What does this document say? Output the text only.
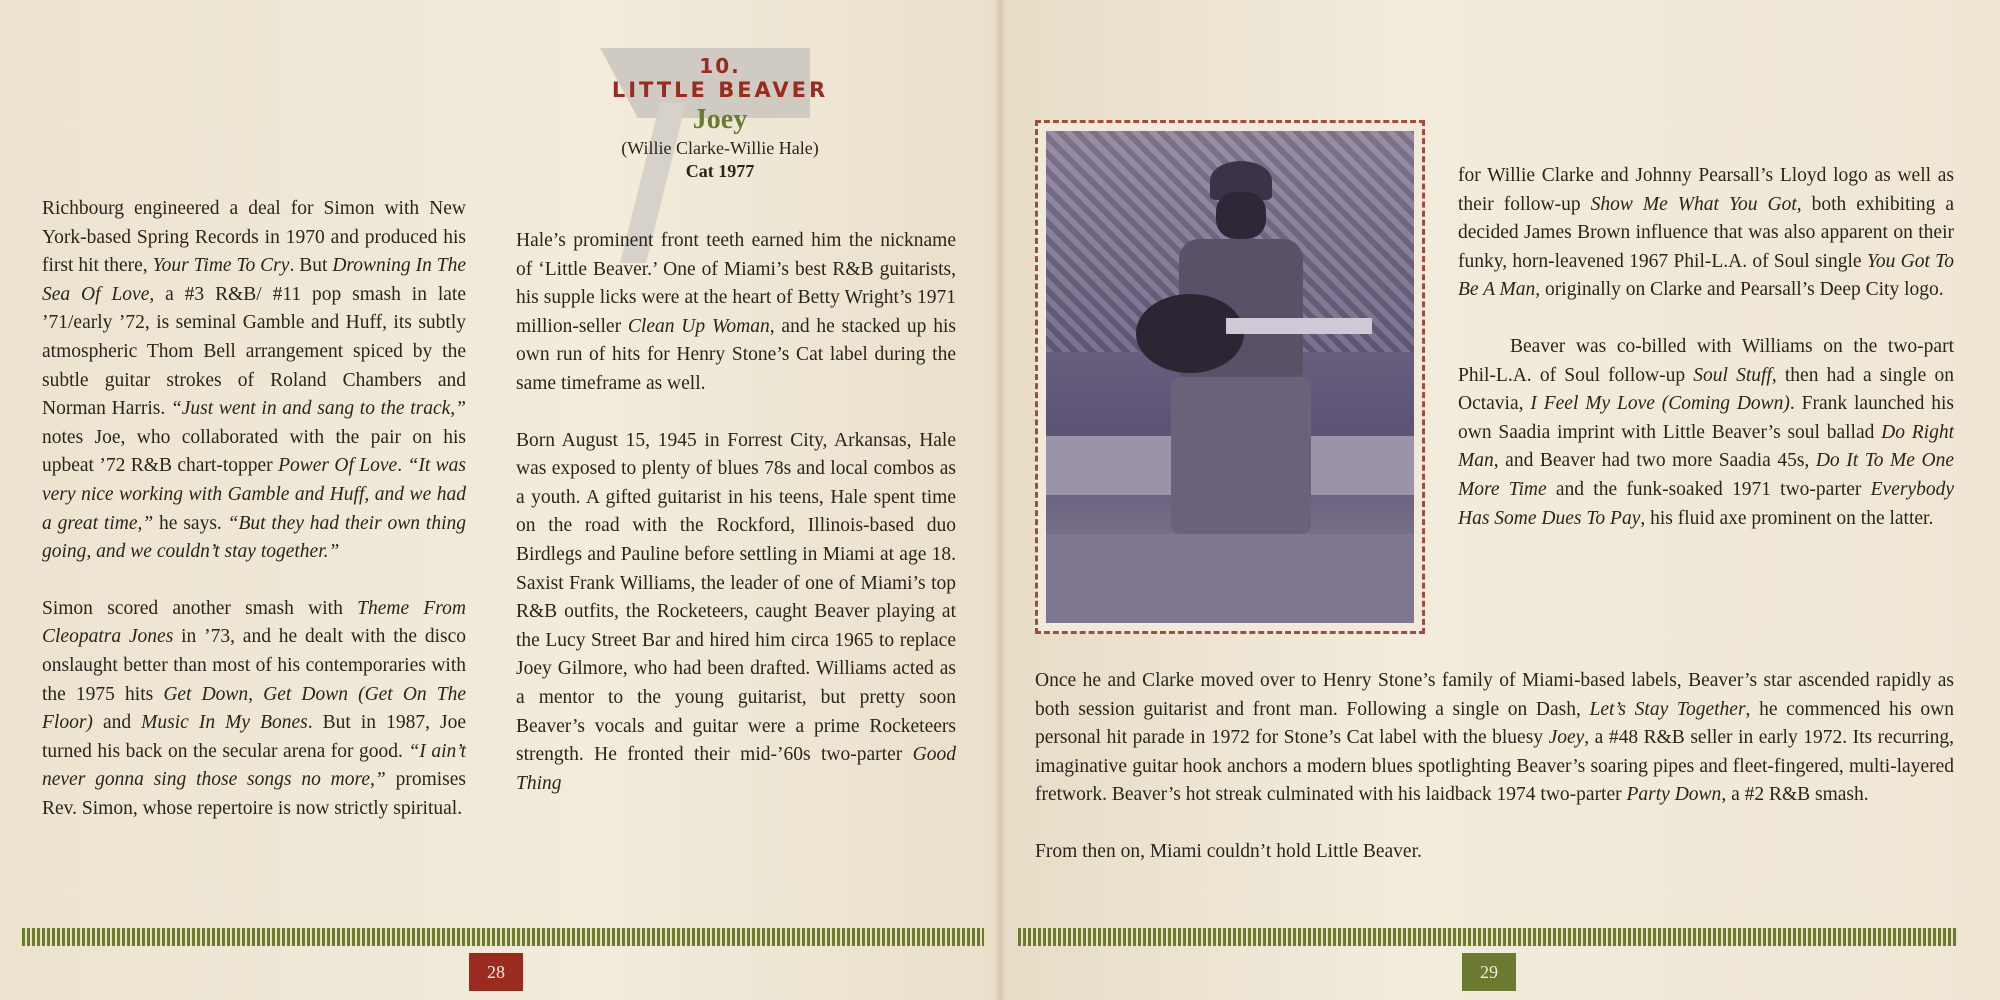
Richbourg engineered a deal for Simon with New York-based Spring Records in 1970 and produced his first hit there, Your Time To Cry. But Drowning In The Sea Of Love, a #3 R&B/ #11 pop smash in late ’71/early ’72, is seminal Gamble and Huff, its subtly atmospheric Thom Bell arrangement spiced by the subtle guitar strokes of Roland Chambers and Norman Harris. “Just went in and sang to the track,” notes Joe, who collaborated with the pair on his upbeat ’72 R&B chart-topper Power Of Love. “It was very nice working with Gamble and Huff, and we had a great time,” he says. “But they had their own thing going, and we couldn’t stay together.”

Simon scored another smash with Theme From Cleopatra Jones in ’73, and he dealt with the disco onslaught better than most of his contemporaries with the 1975 hits Get Down, Get Down (Get On The Floor) and Music In My Bones. But in 1987, Joe turned his back on the secular arena for good. “I ain’t never gonna sing those songs no more,” promises Rev. Simon, whose repertoire is now strictly spiritual.

10.
LITTLE BEAVER
Joey
(Willie Clarke-Willie Hale)
Cat 1977

Hale’s prominent front teeth earned him the nickname of ‘Little Beaver.’ One of Miami’s best R&B guitarists, his supple licks were at the heart of Betty Wright’s 1971 million-seller Clean Up Woman, and he stacked up his own run of hits for Henry Stone’s Cat label during the same timeframe as well.

Born August 15, 1945 in Forrest City, Arkansas, Hale was exposed to plenty of blues 78s and local combos as a youth. A gifted guitarist in his teens, Hale spent time on the road with the Rockford, Illinois-based duo Birdlegs and Pauline before settling in Miami at age 18. Saxist Frank Williams, the leader of one of Miami’s top R&B outfits, the Rocketeers, caught Beaver playing at the Lucy Street Bar and hired him circa 1965 to replace Joey Gilmore, who had been drafted. Williams acted as a mentor to the young guitarist, but pretty soon Beaver’s vocals and guitar were a prime Rocketeers strength. He fronted their mid-’60s two-parter Good Thing

for Willie Clarke and Johnny Pearsall’s Lloyd logo as well as their follow-up Show Me What You Got, both exhibiting a decided James Brown influence that was also apparent on their funky, horn-leavened 1967 Phil-L.A. of Soul single You Got To Be A Man, originally on Clarke and Pearsall’s Deep City logo.

Beaver was co-billed with Williams on the two-part Phil-L.A. of Soul follow-up Soul Stuff, then had a single on Octavia, I Feel My Love (Coming Down). Frank launched his own Saadia imprint with Little Beaver’s soul ballad Do Right Man, and Beaver had two more Saadia 45s, Do It To Me One More Time and the funk-soaked 1971 two-parter Everybody Has Some Dues To Pay, his fluid axe prominent on the latter.

Once he and Clarke moved over to Henry Stone’s family of Miami-based labels, Beaver’s star ascended rapidly as both session guitarist and front man. Following a single on Dash, Let’s Stay Together, he commenced his own personal hit parade in 1972 for Stone’s Cat label with the bluesy Joey, a #48 R&B seller in early 1972. Its recurring, imaginative guitar hook anchors a modern blues spotlighting Beaver’s soaring pipes and fleet-fingered, multi-layered fretwork. Beaver’s hot streak culminated with his laidback 1974 two-parter Party Down, a #2 R&B smash.

From then on, Miami couldn’t hold Little Beaver.

28	29
